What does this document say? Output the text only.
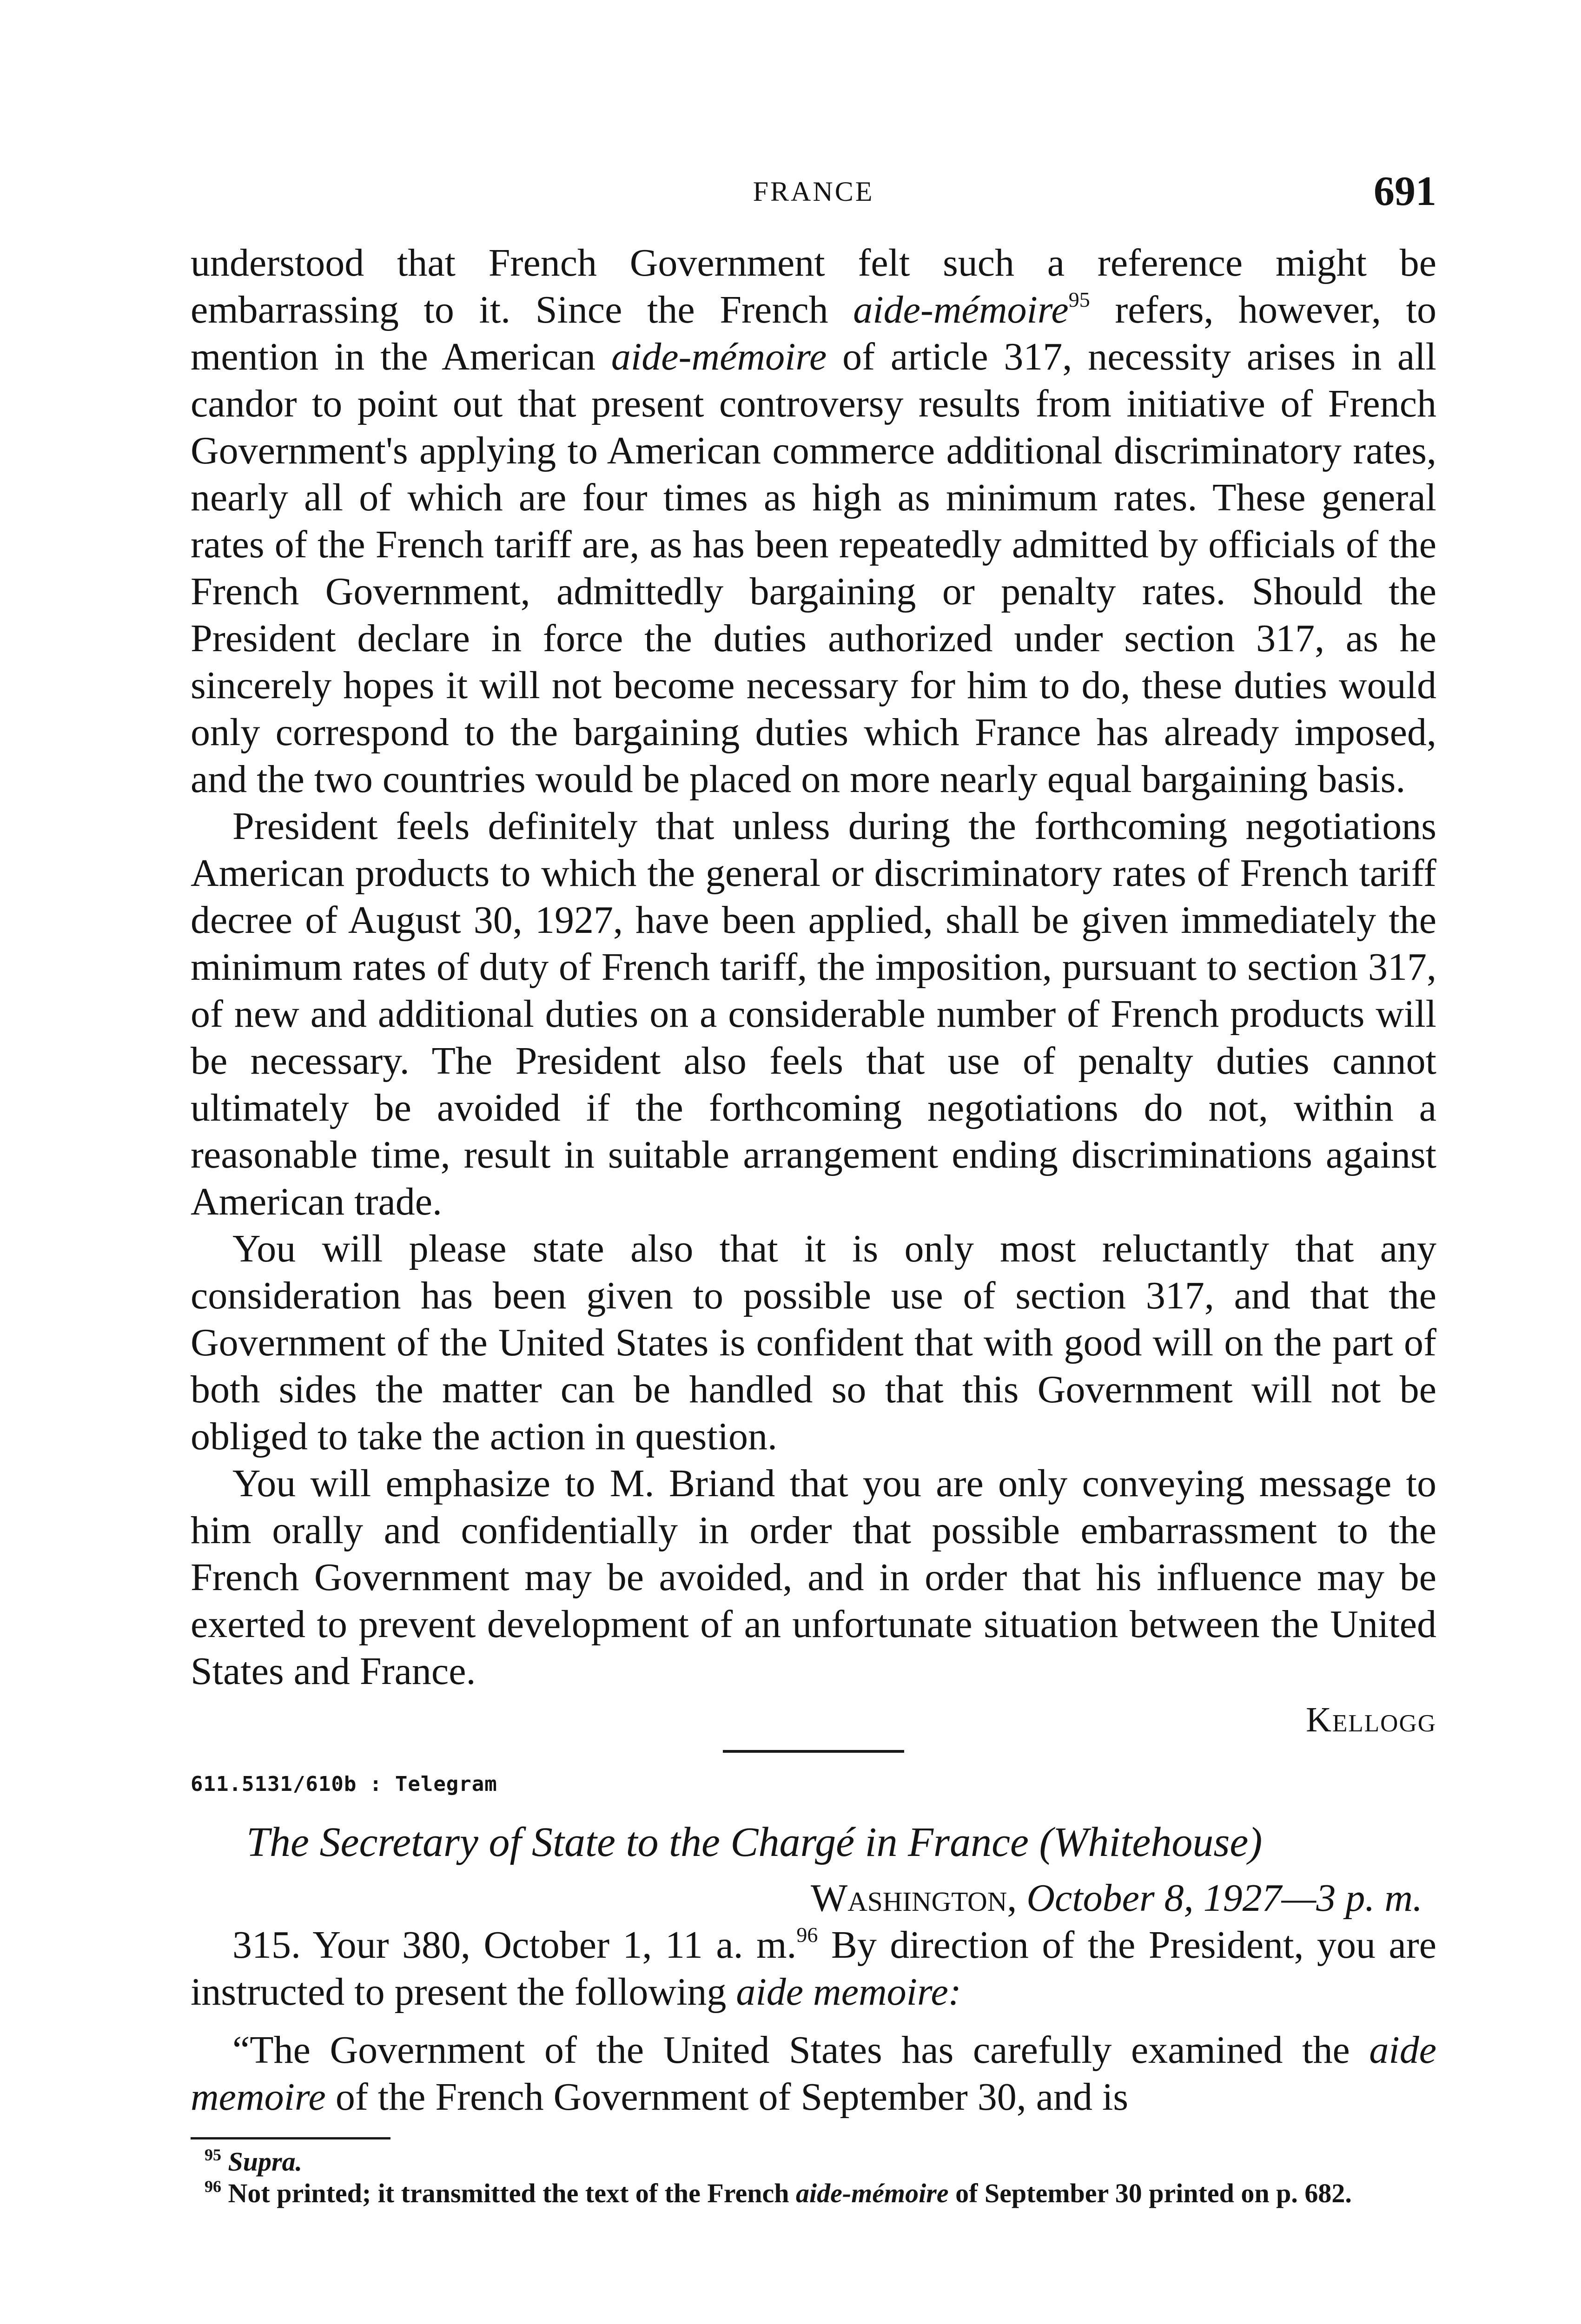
FRANCE	691

understood that French Government felt such a reference might be embarrassing to it. Since the French aide-mémoire$^{95}$ refers, however, to mention in the American aide-mémoire of article 317, necessity arises in all candor to point out that present controversy results from initiative of French Government's applying to American commerce additional discriminatory rates, nearly all of which are four times as high as minimum rates. These general rates of the French tariff are, as has been repeatedly admitted by officials of the French Government, admittedly bargaining or penalty rates. Should the President declare in force the duties authorized under section 317, as he sincerely hopes it will not become necessary for him to do, these duties would only correspond to the bargaining duties which France has already imposed, and the two countries would be placed on more nearly equal bargaining basis.

President feels definitely that unless during the forthcoming negotiations American products to which the general or discriminatory rates of French tariff decree of August 30, 1927, have been applied, shall be given immediately the minimum rates of duty of French tariff, the imposition, pursuant to section 317, of new and additional duties on a considerable number of French products will be necessary. The President also feels that use of penalty duties cannot ultimately be avoided if the forthcoming negotiations do not, within a reasonable time, result in suitable arrangement ending discriminations against American trade.

You will please state also that it is only most reluctantly that any consideration has been given to possible use of section 317, and that the Government of the United States is confident that with good will on the part of both sides the matter can be handled so that this Government will not be obliged to take the action in question.

You will emphasize to M. Briand that you are only conveying message to him orally and confidentially in order that possible embarrassment to the French Government may be avoided, and in order that his influence may be exerted to prevent development of an unfortunate situation between the United States and France.

Kellogg

611.5131/610b : Telegram

The Secretary of State to the Chargé in France (Whitehouse)

Washington, October 8, 1927—3 p. m.

315. Your 380, October 1, 11 a. m.$^{96}$ By direction of the President, you are instructed to present the following aide memoire:

“The Government of the United States has carefully examined the aide memoire of the French Government of September 30, and is

$^{95}$ Supra.

$^{96}$ Not printed; it transmitted the text of the French aide-mémoire of September 30 printed on p. 682.
